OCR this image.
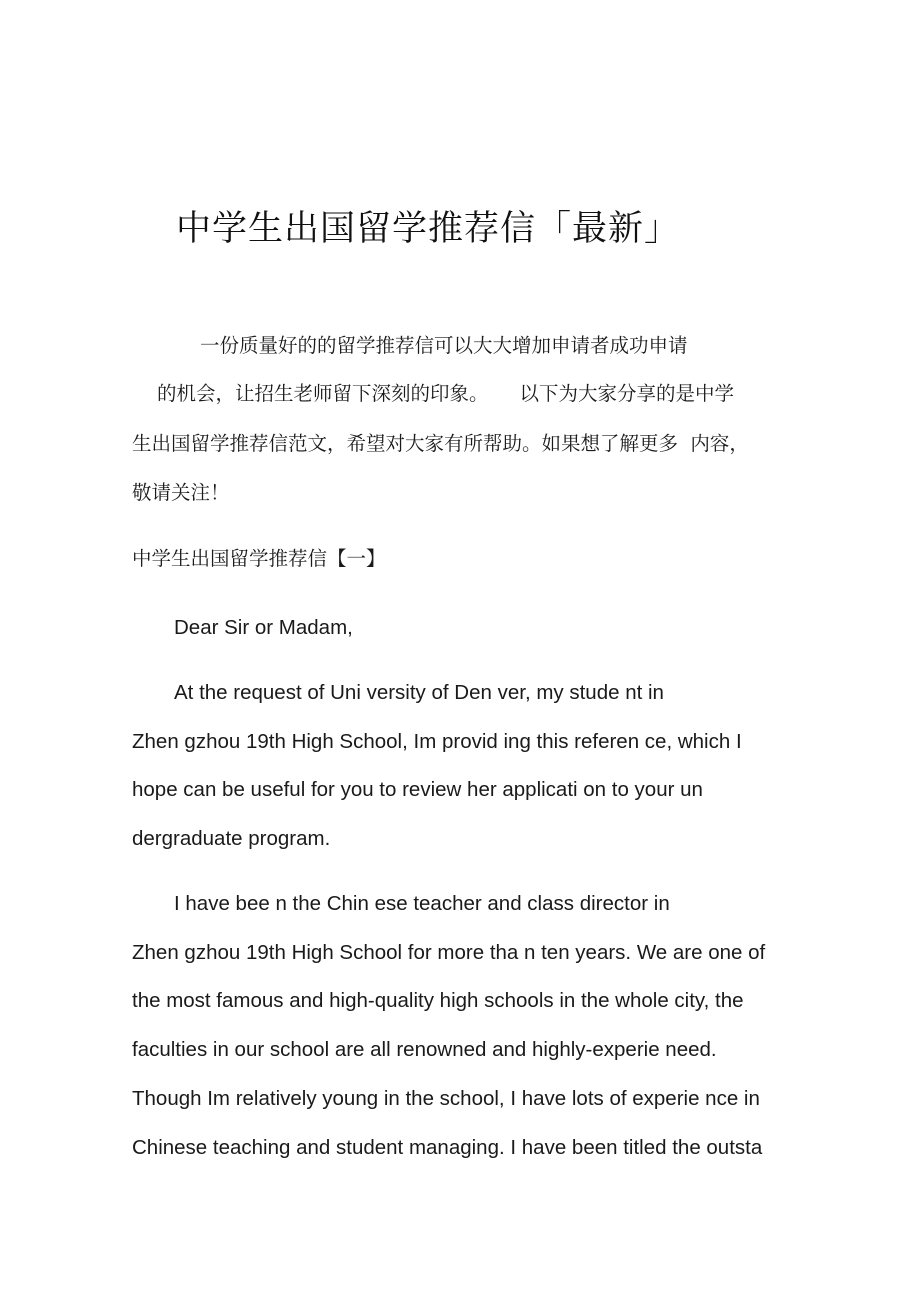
中学生出国留学推荐信「最新」

一份质量好的的留学推荐信可以大大增加申请者成功申请

的机会，让招生老师留下深刻的印象。     以下为大家分享的是中学

生出国留学推荐信范文，希望对大家有所帮助。如果想了解更多  内容，

敬请关注！

中学生出国留学推荐信【一】

Dear Sir or Madam,

At the request of Uni versity of Den ver, my stude nt in

Zhen gzhou 19th High School, Im provid ing this referen ce, which I

hope can be useful for you to review her applicati on to your un

dergraduate program.

I have bee n the Chin ese teacher and class director in

Zhen gzhou 19th High School for more tha n ten years. We are one of

the most famous and high-quality high schools in the whole city, the

faculties in our school are all renowned and highly-experie need.

Though Im relatively young in the school, I have lots of experie nce in

Chinese teaching and student managing. I have been titled the outsta
